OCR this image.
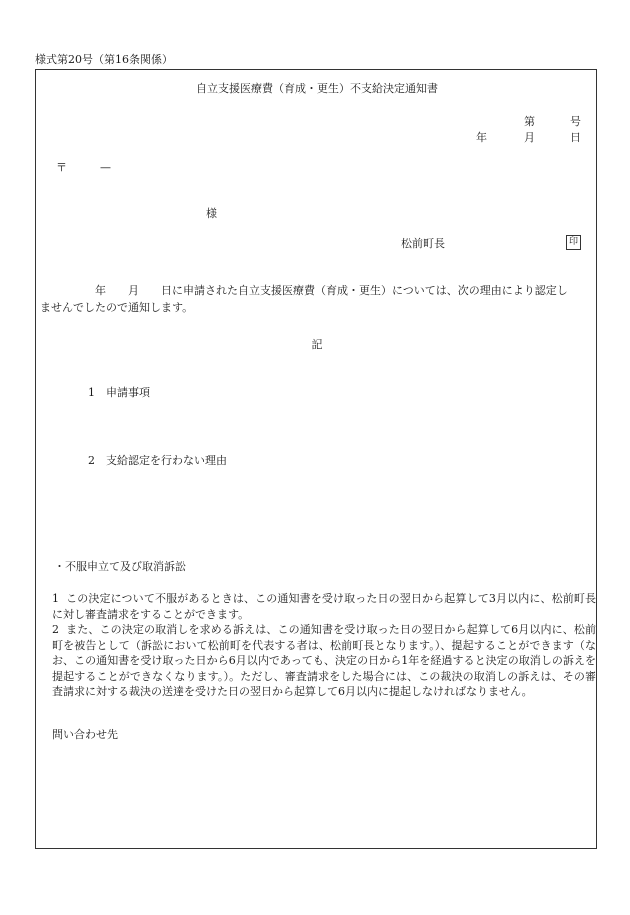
様式第20号（第16条関係）
自立支援医療費（育成・更生）不支給決定通知書
第	号
年	月	日
〒	—
様
松前町長	印
　　　　　年　　月　　日に申請された自立支援医療費（育成・更生）については、次の理由により認定し
ませんでしたので通知します。
記
1 申請事項
2 支給認定を行わない理由
・不服申立て及び取消訴訟
1 この決定について不服があるときは、この通知書を受け取った日の翌日から起算して3月以内に、松前町長に対し審査請求をすることができます。
2 また、この決定の取消しを求める訴えは、この通知書を受け取った日の翌日から起算して6月以内に、松前町を被告として（訴訟において松前町を代表する者は、松前町長となります。）、提起することができます（なお、この通知書を受け取った日から6月以内であっても、決定の日から1年を経過すると決定の取消しの訴えを提起することができなくなります。）。ただし、審査請求をした場合には、この裁決の取消しの訴えは、その審査請求に対する裁決の送達を受けた日の翌日から起算して6月以内に提起しなければなりません。
問い合わせ先
